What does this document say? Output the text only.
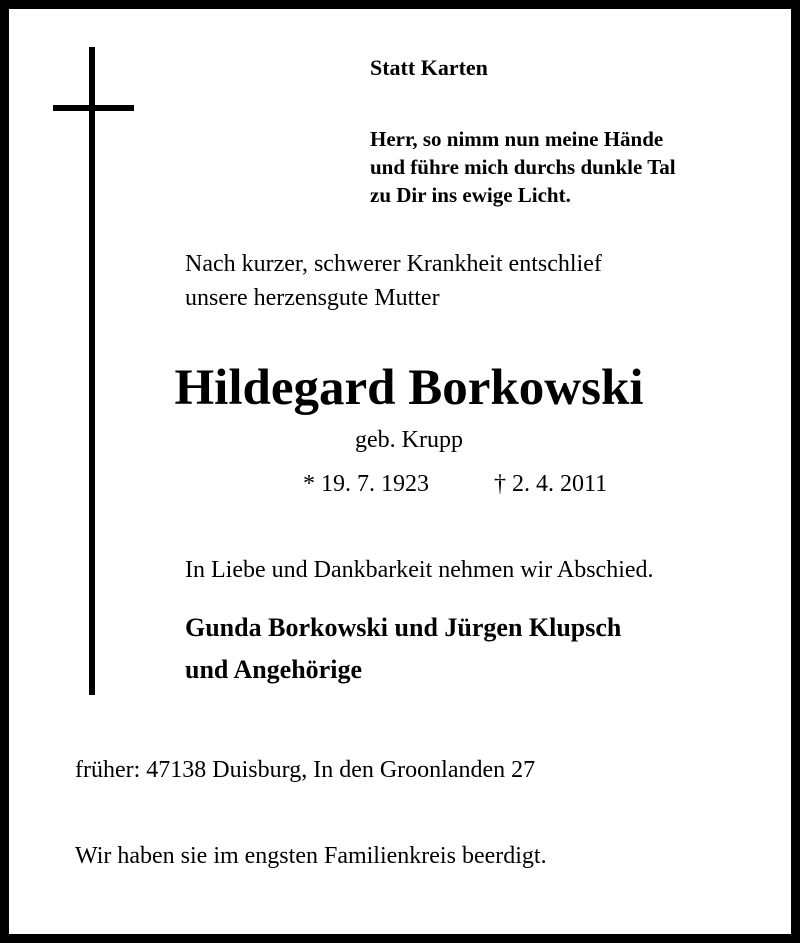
Statt Karten
Herr, so nimm nun meine Hände
und führe mich durchs dunkle Tal
zu Dir ins ewige Licht.
Nach kurzer, schwerer Krankheit entschlief
unsere herzensgute Mutter
Hildegard Borkowski
geb. Krupp
* 19. 7. 1923	† 2. 4. 2011
In Liebe und Dankbarkeit nehmen wir Abschied.
Gunda Borkowski und Jürgen Klupsch
und Angehörige
früher: 47138 Duisburg, In den Groonlanden 27
Wir haben sie im engsten Familienkreis beerdigt.
